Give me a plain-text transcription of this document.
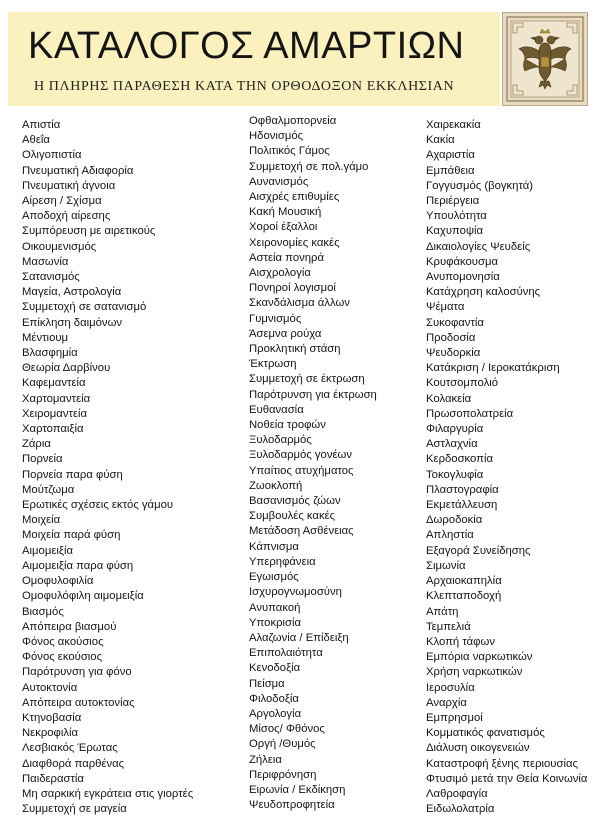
ΚΑΤΑΛΟΓΟΣ ΑΜΑΡΤΙΩΝ
Η ΠΛΗΡΗΣ ΠΑΡΑΘΕΣΗ ΚΑΤΑ ΤΗΝ ΟΡΘΟΔΟΞΟΝ ΕΚΚΛΗΣΙΑΝ
Απιστία
Αθεΐα
Ολιγοπιστία
Πνευματική Αδιαφορία
Πνευματική άγνοια
Αίρεση / Σχίσμα
Αποδοχή αίρεσης
Συμπόρευση με αιρετικούς
Οικουμενισμός
Μασωνία
Σατανισμός
Μαγεία, Αστρολογία
Συμμετοχή σε σατανισμό
Επίκληση δαιμόνων
Μέντιουμ
Βλασφημία
Θεωρία Δαρβίνου
Καφεμαντεία
Χαρτομαντεία
Χειρομαντεία
Χαρτοπαιξία
Ζάρια
Πορνεία
Πορνεία παρα φύση
Μούτζωμα
Ερωτικές σχέσεις εκτός γάμου
Μοιχεία
Μοιχεία παρά φύση
Αιμομειξία
Αιμομειξία παρα φύση
Ομοφυλοφιλία
Ομοφυλόφιλη αιμομειξία
Βιασμός
Απόπειρα βιασμού
Φόνος ακούσιος
Φόνος εκούσιος
Παρότρυνση για φόνο
Αυτοκτονία
Απόπειρα αυτοκτονίας
Κτηνοβασία
Νεκροφιλία
Λεσβιακός Έρωτας
Διαφθορά παρθένας
Παιδεραστία
Μη σαρκική εγκράτεια στις γιορτές
Συμμετοχή σε μαγεία
Οφθαλμοπορνεία
Ηδονισμός
Πολιτικός Γάμος
Συμμετοχή σε πολ.γάμο
Αυνανισμός
Αισχρές επιθυμίες
Κακή Μουσική
Χοροί έξαλλοι
Χειρονομίες κακές
Αστεία πονηρά
Αισχρολογία
Πονηροί λογισμοί
Σκανδάλισμα άλλων
Γυμνισμός
Άσεμνα ρούχα
Προκλητική στάση
Έκτρωση
Συμμετοχή σε έκτρωση
Παρότρυνση για έκτρωση
Ευθανασία
Νοθεία τροφών
Ξυλοδαρμός
Ξυλοδαρμός γονέων
Υπαίτιος ατυχήματος
Ζωοκλοπή
Βασανισμός ζώων
Συμβουλές κακές
Μετάδοση Ασθένειας
Κάπνισμα
Υπερηφάνεια
Εγωισμός
Ισχυρογνωμοσύνη
Ανυπακοή
Υποκρισία
Αλαζωνία / Επίδειξη
Επιπολαιότητα
Κενοδοξία
Πείσμα
Φιλοδοξία
Αργολογία
Μίσος/ Φθόνος
Οργή /Θυμός
Ζήλεια
Περιφρόνηση
Ειρωνία / Εκδίκηση
Ψευδοπροφητεία
Χαιρεκακία
Κακία
Αχαριστία
Εμπάθεια
Γογγυσμός (βογκητά)
Περιέργεια
Υπουλότητα
Καχυποψία
Δικαιολογίες Ψευδείς
Κρυφάκουσμα
Ανυπομονησία
Κατάχρηση καλοσύνης
Ψέματα
Συκοφαντία
Προδοσία
Ψευδορκία
Κατάκριση / Ιεροκατάκριση
Κουτσομπολιό
Κολακεία
Πρωσοπολατρεία
Φιλαργυρία
Αστλαχνία
Κερδοσκοπία
Τοκογλυφία
Πλαστογραφία
Εκμετάλλευση
Δωροδοκία
Απληστία
Εξαγορά Συνείδησης
Σιμωνία
Αρχαιοκαπηλία
Κλεπταποδοχή
Απάτη
Τεμπελιά
Κλοπή τάφων
Εμπόρια ναρκωτικών
Χρήση ναρκωτικών
Ιεροσυλία
Αναρχία
Εμπρησμοί
Κομματικός φανατισμός
Διάλυση οικογενειών
Καταστροφή ξένης περιουσίας
Φτυσιμό μετά την Θεία Κοινωνία
Λαθροφαγία
Ειδωλολατρία
